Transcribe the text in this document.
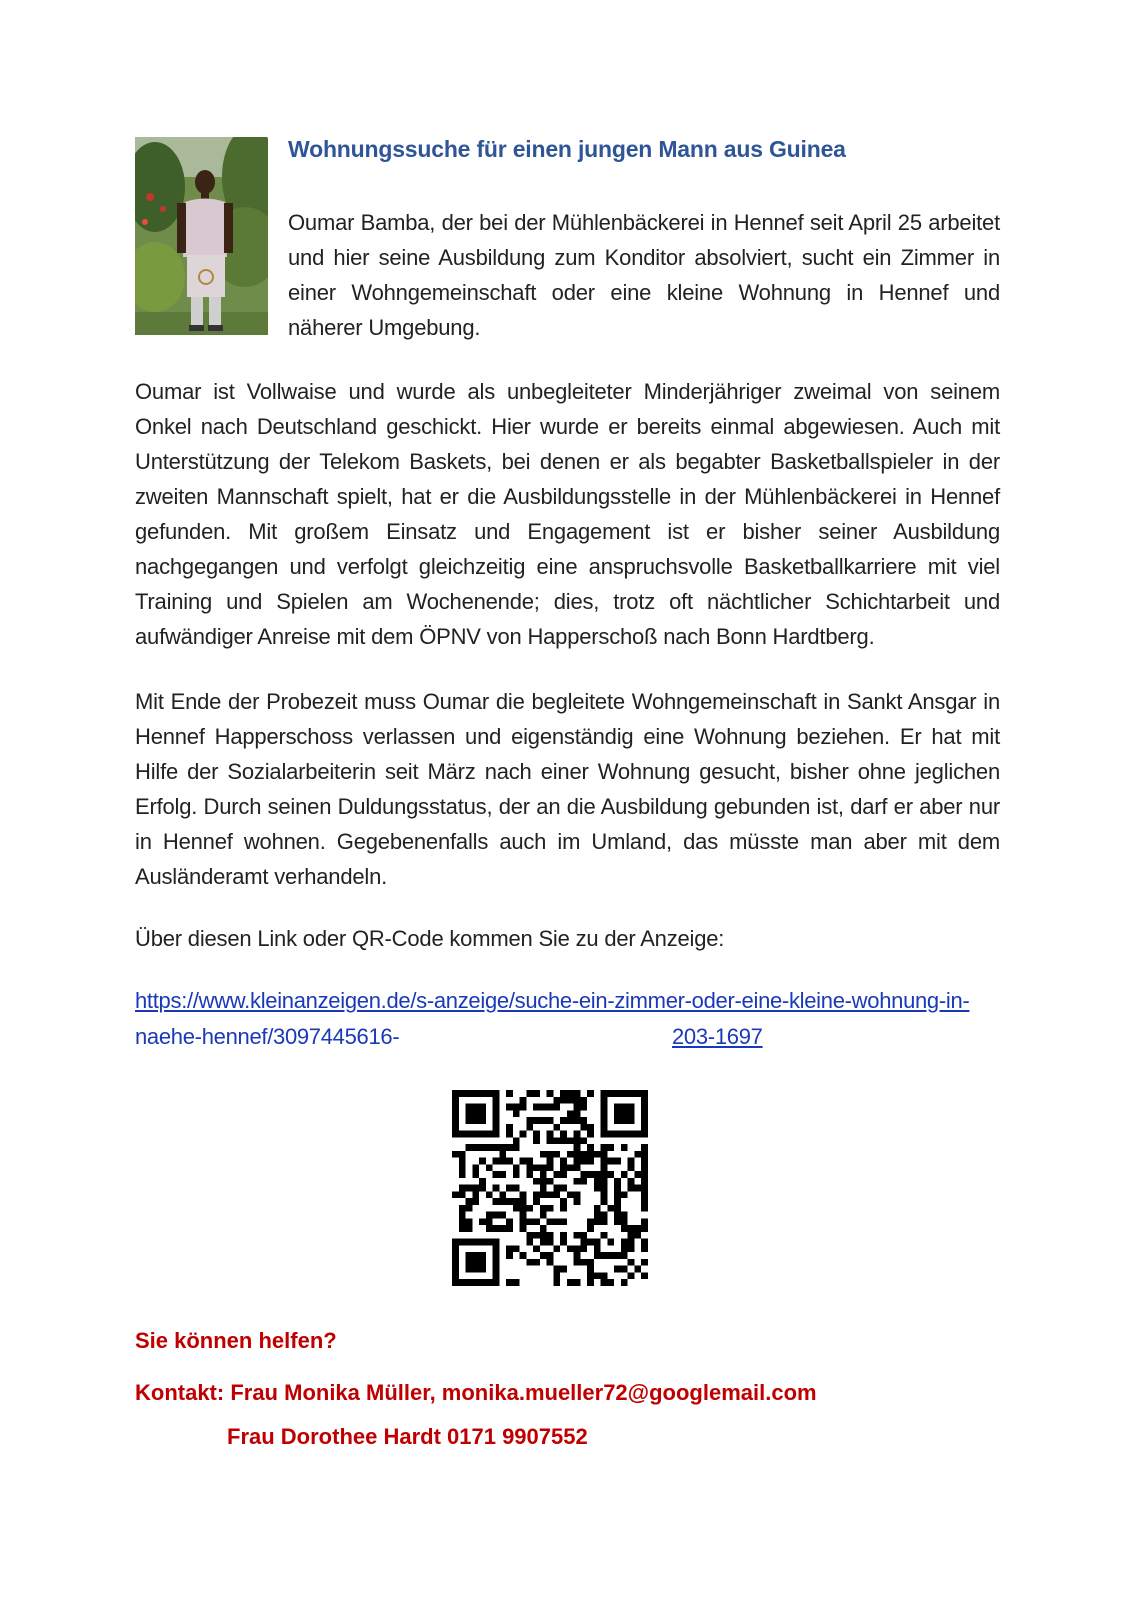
Wohnungssuche für einen jungen Mann aus Guinea
Oumar Bamba, der bei der Mühlenbäckerei in Hennef seit April 25 arbeitet und hier seine Ausbildung zum Konditor absolviert, sucht ein Zimmer in einer Wohngemeinschaft oder eine kleine Wohnung in Hennef und näherer Umgebung.
Oumar ist Vollwaise und wurde als unbegleiteter Minderjähriger zweimal von seinem Onkel nach Deutschland geschickt. Hier wurde er bereits einmal abgewiesen. Auch mit Unterstützung der Telekom Baskets, bei denen er als begabter Basketballspieler in der zweiten Mannschaft spielt, hat er die Ausbildungsstelle in der Mühlenbäckerei in Hennef gefunden. Mit großem Einsatz und Engagement ist er bisher seiner Ausbildung nachgegangen und verfolgt gleichzeitig eine anspruchsvolle Basketballkarriere mit viel Training und Spielen am Wochenende; dies, trotz oft nächtlicher Schichtarbeit und aufwändiger Anreise mit dem ÖPNV von Happerschoß nach Bonn Hardtberg.
Mit Ende der Probezeit muss Oumar die begleitete Wohngemeinschaft in Sankt Ansgar in Hennef Happerschoss verlassen und eigenständig eine Wohnung beziehen. Er hat mit Hilfe der Sozialarbeiterin seit März nach einer Wohnung gesucht, bisher ohne jeglichen Erfolg. Durch seinen Duldungsstatus, der an die Ausbildung gebunden ist, darf er aber nur in Hennef wohnen. Gegebenenfalls auch im Umland, das müsste man aber mit dem Ausländeramt verhandeln.
Über diesen Link oder QR-Code kommen Sie zu der Anzeige:
https://www.kleinanzeigen.de/s-anzeige/suche-ein-zimmer-oder-eine-kleine-wohnung-in-
naehe-hennef/3097445616-	203-1697
Sie können helfen?
Kontakt: Frau Monika Müller, monika.mueller72@googlemail.com
Frau Dorothee Hardt 0171 9907552
